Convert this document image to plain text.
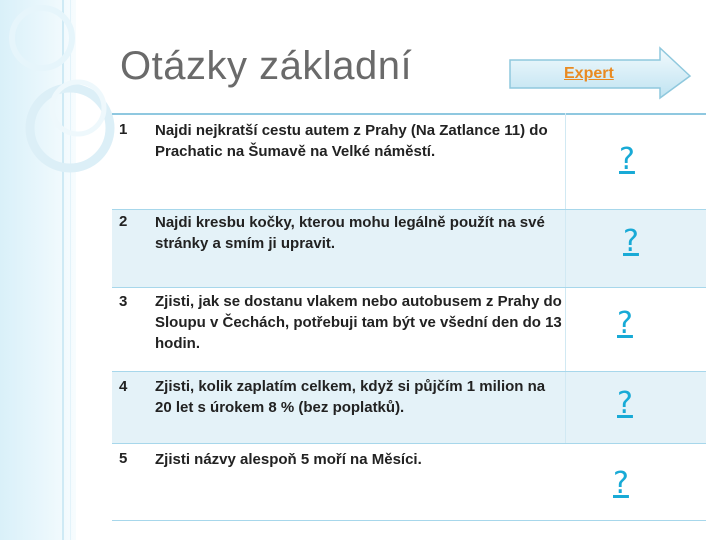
Otázky základní	Expert
1 Najdi nejkratší cestu autem z Prahy (Na Zatlance 11) do Prachatic na Šumavě na Velké náměstí.
2 Najdi kresbu kočky, kterou mohu legálně použít na své stránky a smím ji upravit.
3 Zjisti, jak se dostanu vlakem nebo autobusem z Prahy do Sloupu v Čechách, potřebuji tam být ve všední den do 13 hodin.
4 Zjisti, kolik zaplatím celkem, když si půjčím 1 milion na 20 let s úrokem 8 % (bez poplatků).
5 Zjisti názvy alespoň 5 moří na Měsíci.
?
?
?
?
?
